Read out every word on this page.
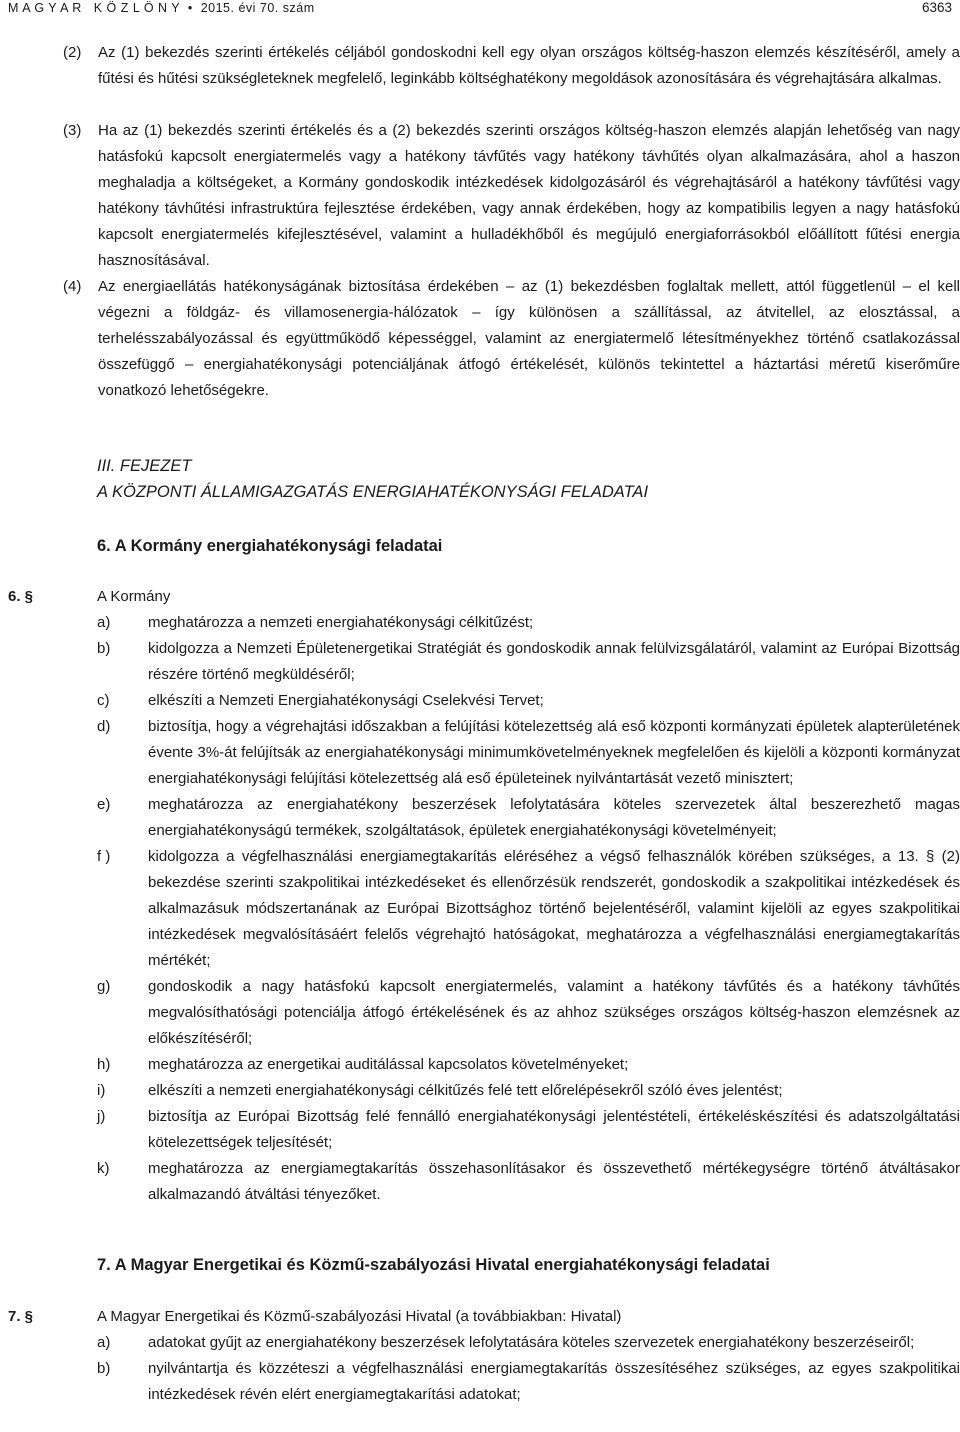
M A G Y A R   K Ö Z L Ö N Y  •  2015. évi 70. szám	6363
(2) Az (1) bekezdés szerinti értékelés céljából gondoskodni kell egy olyan országos költség-haszon elemzés készítéséről, amely a fűtési és hűtési szükségleteknek megfelelő, leginkább költséghatékony megoldások azonosítására és végrehajtására alkalmas.
(3) Ha az (1) bekezdés szerinti értékelés és a (2) bekezdés szerinti országos költség-haszon elemzés alapján lehetőség van nagy hatásfokú kapcsolt energiatermelés vagy a hatékony távfűtés vagy hatékony távhűtés olyan alkalmazására, ahol a haszon meghaladja a költségeket, a Kormány gondoskodik intézkedések kidolgozásáról és végrehajtásáról a hatékony távfűtési vagy hatékony távhűtési infrastruktúra fejlesztése érdekében, vagy annak érdekében, hogy az kompatibilis legyen a nagy hatásfokú kapcsolt energiatermelés kifejlesztésével, valamint a hulladékhőből és megújuló energiaforrásokból előállított fűtési energia hasznosításával.
(4) Az energiaellátás hatékonyságának biztosítása érdekében – az (1) bekezdésben foglaltak mellett, attól függetlenül – el kell végezni a földgáz- és villamosenergia-hálózatok – így különösen a szállítással, az átvitellel, az elosztással, a terhelésszabályozással és együttműködő képességgel, valamint az energiatermelő létesítményekhez történő csatlakozással összefüggő – energiahatékonysági potenciáljának átfogó értékelését, különös tekintettel a háztartási méretű kiserőműre vonatkozó lehetőségekre.
III. FEJEZET
A KÖZPONTI ÁLLAMIGAZGATÁS ENERGIAHATÉKONYSÁGI FELADATAI
6. A Kormány energiahatékonysági feladatai
6. §	A Kormány
a)	meghatározza a nemzeti energiahatékonysági célkitűzést;
b)	kidolgozza a Nemzeti Épületenergetikai Stratégiát és gondoskodik annak felülvizsgálatáról, valamint az Európai Bizottság részére történő megküldéséről;
c)	elkészíti a Nemzeti Energiahatékonysági Cselekvési Tervet;
d)	biztosítja, hogy a végrehajtási időszakban a felújítási kötelezettség alá eső központi kormányzati épületek alapterületének évente 3%-át felújítsák az energiahatékonysági minimumkövetelményeknek megfelelően és kijelöli a központi kormányzat energiahatékonysági felújítási kötelezettség alá eső épületeinek nyilvántartását vezető minisztert;
e)	meghatározza az energiahatékony beszerzések lefolytatására köteles szervezetek által beszerezhető magas energiahatékonyságú termékek, szolgáltatások, épületek energiahatékonysági követelményeit;
f )	kidolgozza a végfelhasználási energiamegtakarítás eléréséhez a végső felhasználók körében szükséges, a 13. § (2) bekezdése szerinti szakpolitikai intézkedéseket és ellenőrzésük rendszerét, gondoskodik a szakpolitikai intézkedések és alkalmazásuk módszertanának az Európai Bizottsághoz történő bejelentéséről, valamint kijelöli az egyes szakpolitikai intézkedések megvalósításáért felelős végrehajtó hatóságokat, meghatározza a végfelhasználási energiamegtakarítás mértékét;
g)	gondoskodik a nagy hatásfokú kapcsolt energiatermelés, valamint a hatékony távfűtés és a hatékony távhűtés megvalósíthatósági potenciálja átfogó értékelésének és az ahhoz szükséges országos költség-haszon elemzésnek az előkészítéséről;
h)	meghatározza az energetikai auditálással kapcsolatos követelményeket;
i)	elkészíti a nemzeti energiahatékonysági célkitűzés felé tett előrelépésekről szóló éves jelentést;
j)	biztosítja az Európai Bizottság felé fennálló energiahatékonysági jelentéstételi, értékeléskészítési és adatszolgáltatási kötelezettségek teljesítését;
k)	meghatározza az energiamegtakarítás összehasonlításakor és összevethető mértékegységre történő átváltásakor alkalmazandó átváltási tényezőket.
7. A Magyar Energetikai és Közmű-szabályozási Hivatal energiahatékonysági feladatai
7. §	A Magyar Energetikai és Közmű-szabályozási Hivatal (a továbbiakban: Hivatal)
a)	adatokat gyűjt az energiahatékony beszerzések lefolytatására köteles szervezetek energiahatékony beszerzéseiről;
b)	nyilvántartja és közzéteszi a végfelhasználási energiamegtakarítás összesítéséhez szükséges, az egyes szakpolitikai intézkedések révén elért energiamegtakarítási adatokat;
